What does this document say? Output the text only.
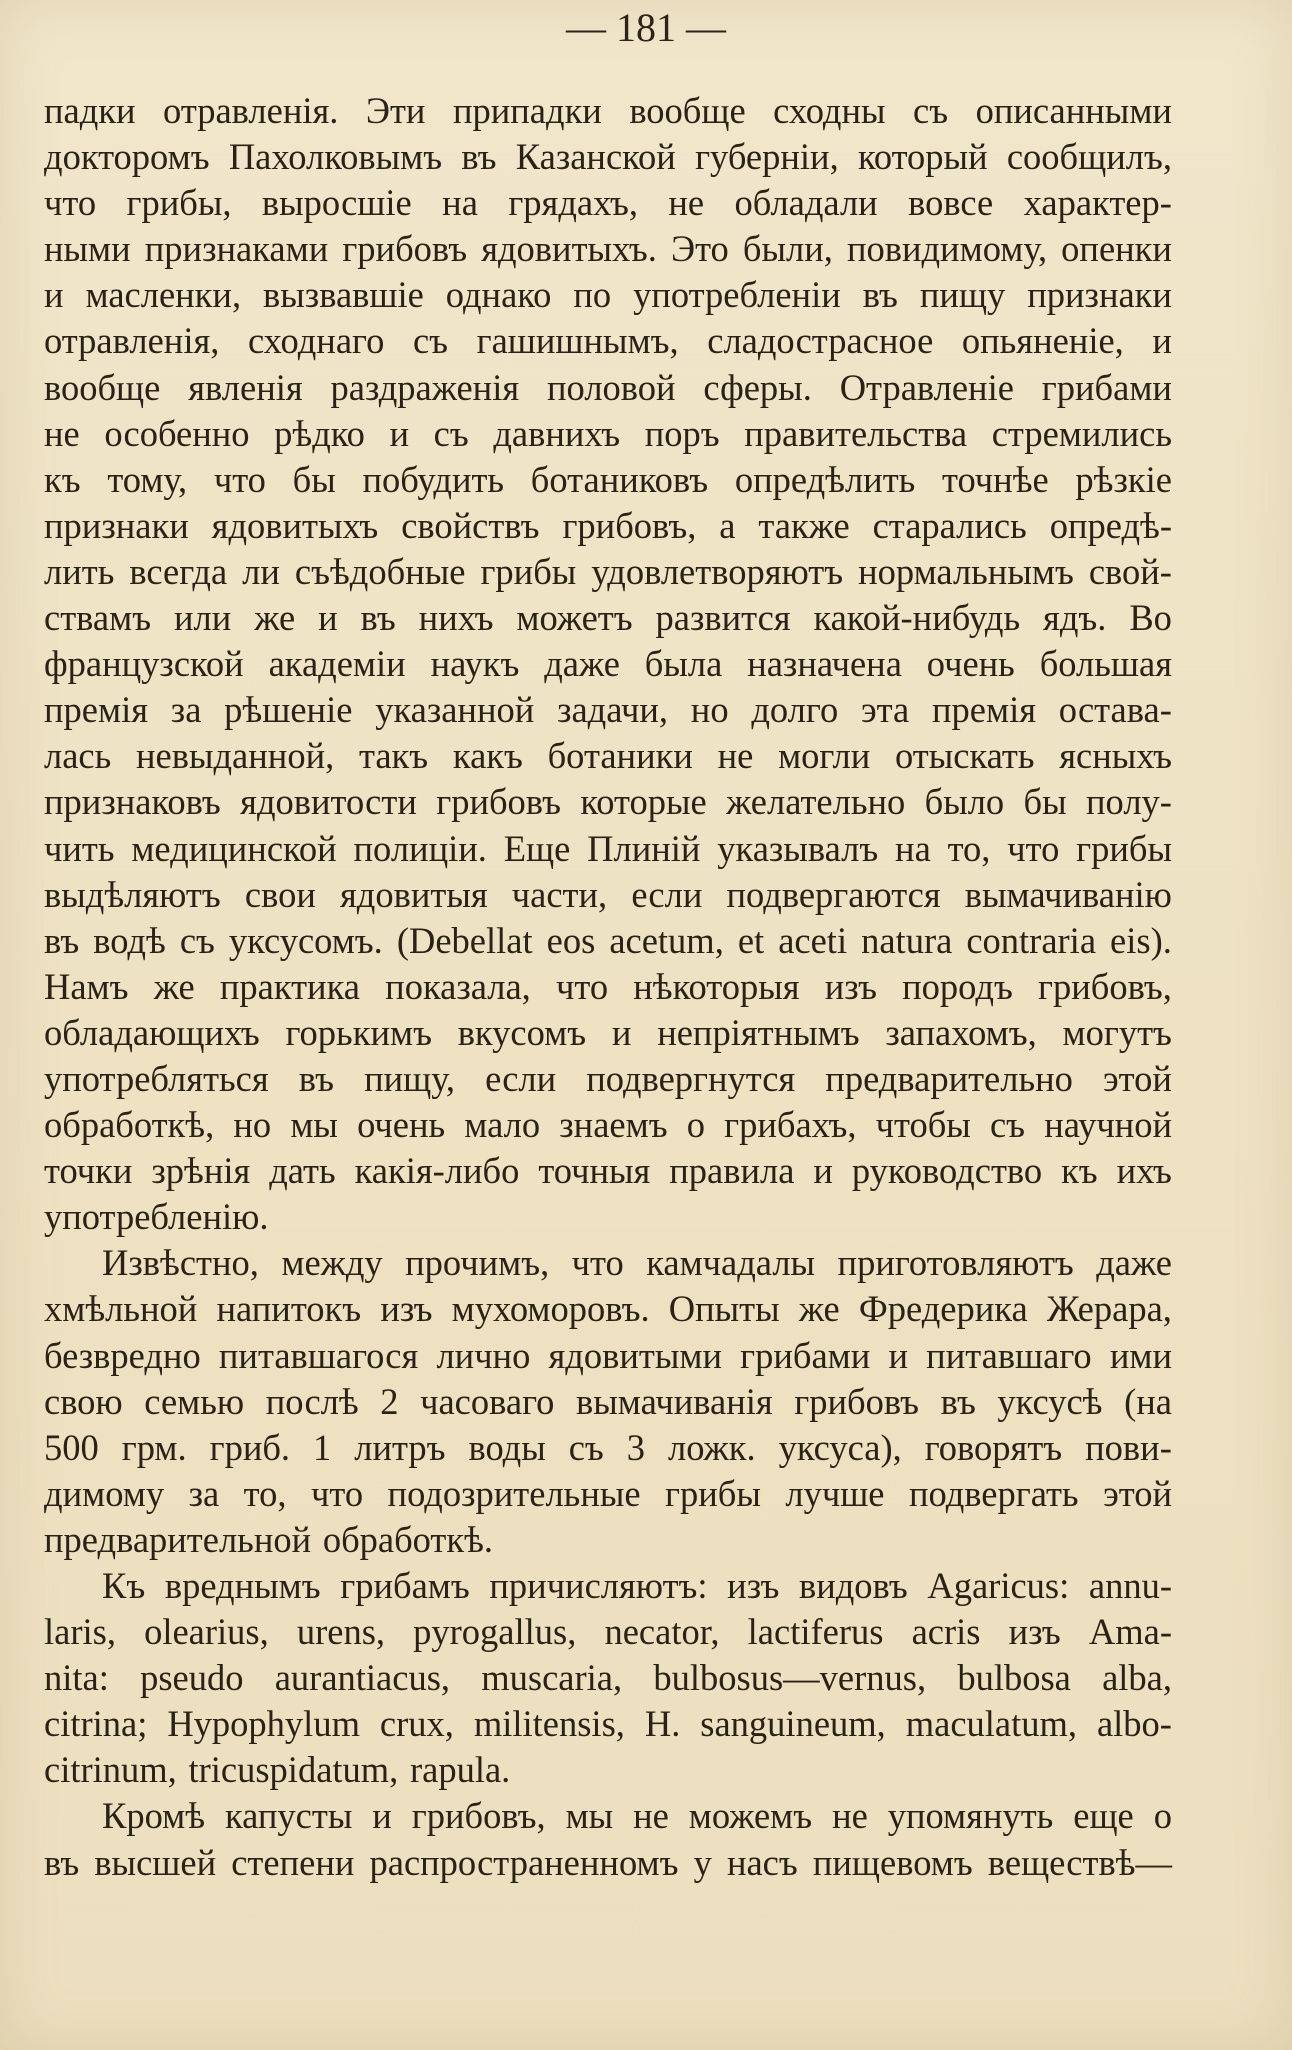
— 181 —
падки отравленія. Эти припадки вообще сходны съ описанными
докторомъ Пахолковымъ въ Казанской губерніи, который сообщилъ,
что грибы, выросшіе на грядахъ, не обладали вовсе характер-
ными признаками грибовъ ядовитыхъ. Это были, повидимому, опенки
и масленки, вызвавшіе однако по употребленіи въ пищу признаки
отравленія, сходнаго съ гашишнымъ, сладострасное опьяненіе, и
вообще явленія раздраженія половой сферы. Отравленіе грибами
не особенно рѣдко и съ давнихъ поръ правительства стремились
къ тому, что бы побудить ботаниковъ опредѣлить точнѣе рѣзкіе
признаки ядовитыхъ свойствъ грибовъ, а также старались опредѣ-
лить всегда ли съѣдобные грибы удовлетворяютъ нормальнымъ свой-
ствамъ или же и въ нихъ можетъ развится какой-нибудь ядъ. Во
французской академіи наукъ даже была назначена очень большая
премія за рѣшеніе указанной задачи, но долго эта премія остава-
лась невыданной, такъ какъ ботаники не могли отыскать ясныхъ
признаковъ ядовитости грибовъ которые желательно было бы полу-
чить медицинской полиціи. Еще Плиній указывалъ на то, что грибы
выдѣляютъ свои ядовитыя части, если подвергаются вымачиванію
въ водѣ съ уксусомъ. (Debellat eos acetum, et aceti natura contraria eis).
Намъ же практика показала, что нѣкоторыя изъ породъ грибовъ,
обладающихъ горькимъ вкусомъ и непріятнымъ запахомъ, могутъ
употребляться въ пищу, если подвергнутся предварительно этой
обработкѣ, но мы очень мало знаемъ о грибахъ, чтобы съ научной
точки зрѣнія дать какія-либо точныя правила и руководство къ ихъ
употребленію.
Извѣстно, между прочимъ, что камчадалы приготовляютъ даже
хмѣльной напитокъ изъ мухоморовъ. Опыты же Фредерика Жерара,
безвредно питавшагося лично ядовитыми грибами и питавшаго ими
свою семью послѣ 2 часоваго вымачиванія грибовъ въ уксусѣ (на
500 грм. гриб. 1 литръ воды съ 3 ложк. уксуса), говорятъ пови-
димому за то, что подозрительные грибы лучше подвергать этой
предварительной обработкѣ.
Къ вреднымъ грибамъ причисляютъ: изъ видовъ Agaricus: annu-
laris, olearius, urens, pyrogallus, necator, lactiferus acris изъ Ama-
nita: pseudo aurantiacus, muscaria, bulbosus—vernus, bulbosa alba,
citrina; Hypophylum crux, militensis, H. sanguineum, maculatum, albo-
citrinum, tricuspidatum, rapula.
Кромѣ капусты и грибовъ, мы не можемъ не упомянуть еще о
въ высшей степени распространенномъ у насъ пищевомъ веществѣ—
